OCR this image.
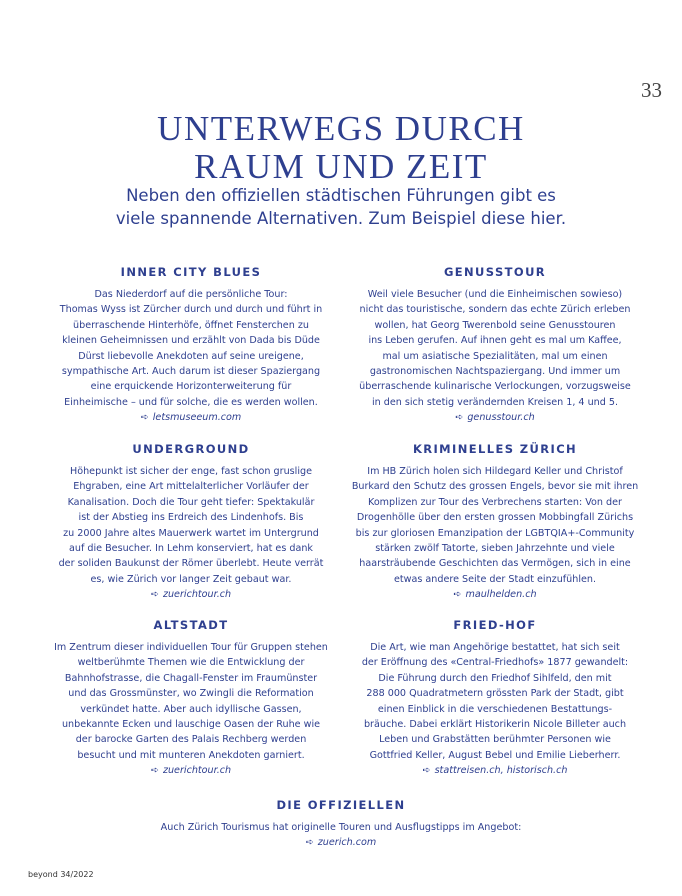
33
UNTERWEGS DURCH
RAUM UND ZEIT

Neben den offiziellen städtischen Führungen gibt es
viele spannende Alternativen. Zum Beispiel diese hier.

INNER CITY BLUES

Das Niederdorf auf die persönliche Tour:
Thomas Wyss ist Zürcher durch und durch und führt in
überraschende Hinterhöfe, öffnet Fensterchen zu
kleinen Geheimnissen und erzählt von Dada bis Düde
Dürst liebevolle Anekdoten auf seine ureigene,
sympathische Art. Auch darum ist dieser Spaziergang
eine erquickende Horizonterweiterung für
Einheimische – und für solche, die es werden wollen.

➪ letsmuseeum.com

GENUSSTOUR

Weil viele Besucher (und die Einheimischen sowieso)
nicht das touristische, sondern das echte Zürich erleben
wollen, hat Georg Twerenbold seine Genusstouren
ins Leben gerufen. Auf ihnen geht es mal um Kaffee,
mal um asiatische Spezialitäten, mal um einen
gastronomischen Nachtspaziergang. Und immer um
überraschende kulinarische Verlockungen, vorzugsweise
in den sich stetig verändernden Kreisen 1, 4 und 5.

➪ genusstour.ch

UNDERGROUND

Höhepunkt ist sicher der enge, fast schon gruslige
Ehgraben, eine Art mittelalterlicher Vorläufer der
Kanalisation. Doch die Tour geht tiefer: Spektakulär
ist der Abstieg ins Erdreich des Lindenhofs. Bis
zu 2000 Jahre altes Mauerwerk wartet im Untergrund
auf die Besucher. In Lehm konserviert, hat es dank
der soliden Baukunst der Römer überlebt. Heute verrät
es, wie Zürich vor langer Zeit gebaut war.

➪ zuerichtour.ch

KRIMINELLES ZÜRICH

Im HB Zürich holen sich Hildegard Keller und Christof
Burkard den Schutz des grossen Engels, bevor sie mit ihren
Komplizen zur Tour des Verbrechens starten: Von der
Drogenhölle über den ersten grossen Mobbingfall Zürichs
bis zur gloriosen Emanzipation der LGBTQIA+-Community
stärken zwölf Tatorte, sieben Jahrzehnte und viele
haarsträubende Geschichten das Vermögen, sich in eine
etwas andere Seite der Stadt einzufühlen.

➪ maulhelden.ch

ALTSTADT

Im Zentrum dieser individuellen Tour für Gruppen stehen
weltberühmte Themen wie die Entwicklung der
Bahnhofstrasse, die Chagall-Fenster im Fraumünster
und das Grossmünster, wo Zwingli die Reformation
verkündet hatte. Aber auch idyllische Gassen,
unbekannte Ecken und lauschige Oasen der Ruhe wie
der barocke Garten des Palais Rechberg werden
besucht und mit munteren Anekdoten garniert.

➪ zuerichtour.ch

FRIED-HOF

Die Art, wie man Angehörige bestattet, hat sich seit
der Eröffnung des «Central-Friedhofs» 1877 gewandelt:
Die Führung durch den Friedhof Sihlfeld, den mit
288 000 Quadratmetern grössten Park der Stadt, gibt
einen Einblick in die verschiedenen Bestattungs-
bräuche. Dabei erklärt Historikerin Nicole Billeter auch
Leben und Grabstätten berühmter Personen wie
Gottfried Keller, August Bebel und Emilie Lieberherr.

➪ stattreisen.ch, historisch.ch

DIE OFFIZIELLEN

Auch Zürich Tourismus hat originelle Touren und Ausflugstipps im Angebot:

➪ zuerich.com

beyond 34/2022
